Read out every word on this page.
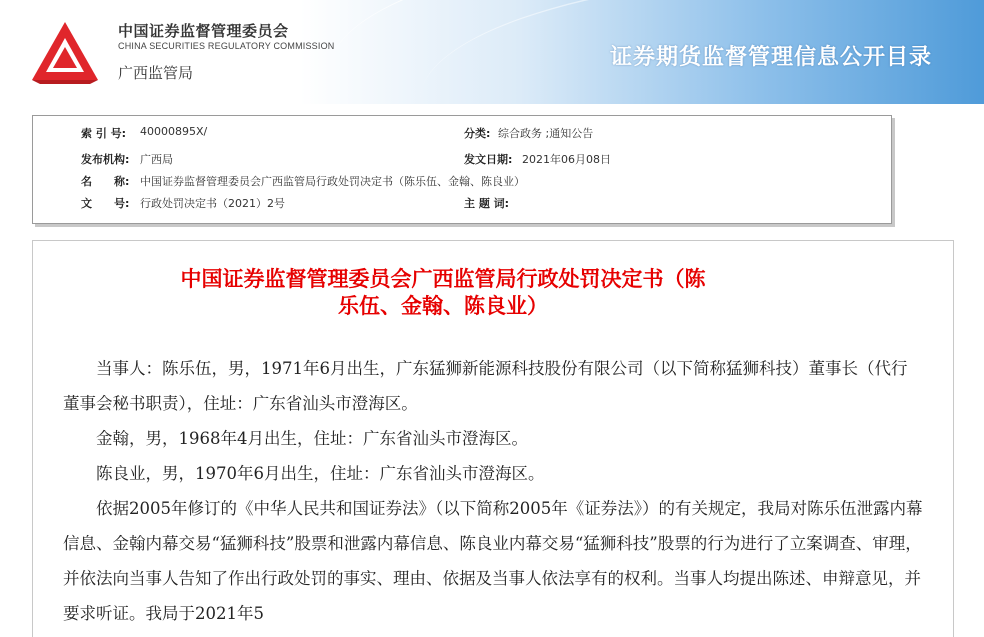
中国证券监督管理委员会
CHINA SECURITIES REGULATORY COMMISSION
广西监管局
证券期货监督管理信息公开目录
索 引 号: 40000895X/	分类: 综合政务 ;通知公告
发布机构: 广西局	发文日期: 2021年06月08日
名　　称: 中国证券监督管理委员会广西监管局行政处罚决定书（陈乐伍、金翰、陈良业）
文　　号: 行政处罚决定书（2021）2号	主 题 词:
中国证券监督管理委员会广西监管局行政处罚决定书（陈
乐伍、金翰、陈良业）

当事人：陈乐伍，男，1971年6月出生，广东猛狮新能源科技股份有限公司（以下简称猛狮科技）董事长（代行董事会秘书职责），住址：广东省汕头市澄海区。

金翰，男，1968年4月出生，住址：广东省汕头市澄海区。

陈良业，男，1970年6月出生，住址：广东省汕头市澄海区。

依据2005年修订的《中华人民共和国证券法》（以下简称2005年《证券法》）的有关规定，我局对陈乐伍泄露内幕信息、金翰内幕交易“猛狮科技”股票和泄露内幕信息、陈良业内幕交易“猛狮科技”股票的行为进行了立案调查、审理，并依法向当事人告知了作出行政处罚的事实、理由、依据及当事人依法享有的权利。当事人均提出陈述、申辩意见，并要求听证。我局于2021年5
